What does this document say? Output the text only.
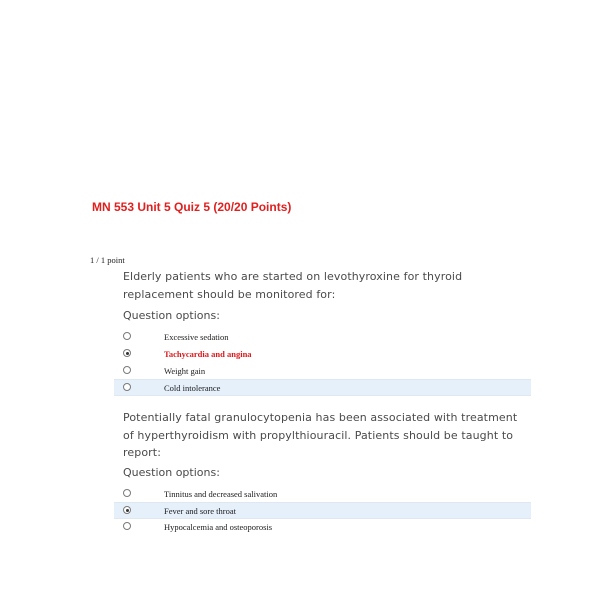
MN 553 Unit 5 Quiz 5 (20/20 Points)
1 / 1 point
Elderly patients who are started on levothyroxine for thyroid replacement should be monitored for:
Question options:
Excessive sedation
Tachycardia and angina
Weight gain
Cold intolerance
Potentially fatal granulocytopenia has been associated with treatment of hyperthyroidism with propylthiouracil. Patients should be taught to report:
Question options:
Tinnitus and decreased salivation
Fever and sore throat
Hypocalcemia and osteoporosis
